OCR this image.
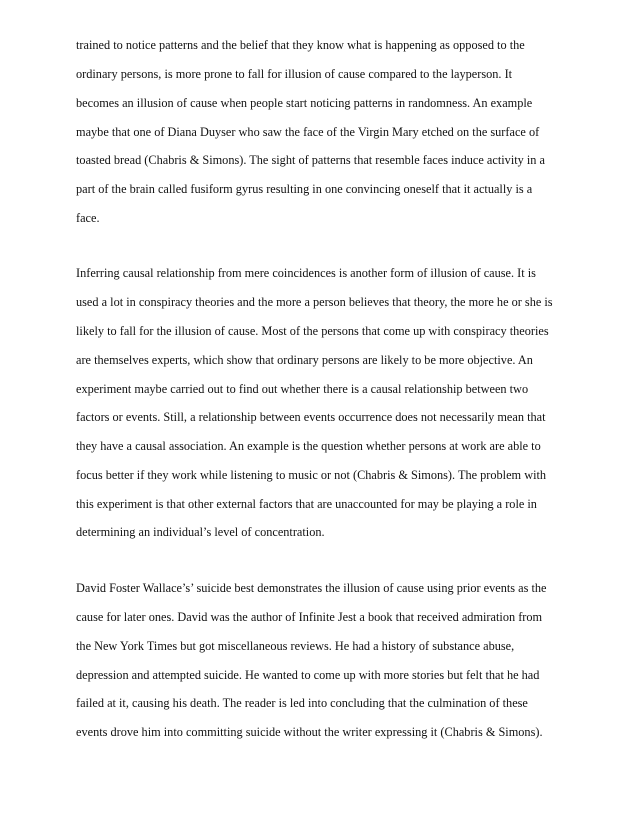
trained to notice patterns and the belief that they know what is happening as opposed to the

ordinary persons, is more prone to fall for illusion of cause compared to the layperson. It

becomes an illusion of cause when people start noticing patterns in randomness. An example

maybe that one of Diana Duyser who saw the face of the Virgin Mary etched on the surface of

toasted bread (Chabris & Simons). The sight of patterns that resemble faces induce activity in a

part of the brain called fusiform gyrus resulting in one convincing oneself that it actually is a

face.

Inferring causal relationship from mere coincidences is another form of illusion of cause. It is

used a lot in conspiracy theories and the more a person believes that theory, the more he or she is

likely to fall for the illusion of cause. Most of the persons that come up with conspiracy theories

are themselves experts, which show that ordinary persons are likely to be more objective. An

experiment maybe carried out to find out whether there is a causal relationship between two

factors or events. Still, a relationship between events occurrence does not necessarily mean that

they have a causal association. An example is the question whether persons at work are able to

focus better if they work while listening to music or not (Chabris & Simons). The problem with

this experiment is that other external factors that are unaccounted for may be playing a role in

determining an individual’s level of concentration.

David Foster Wallace’s’ suicide best demonstrates the illusion of cause using prior events as the

cause for later ones. David was the author of Infinite Jest a book that received admiration from

the New York Times but got miscellaneous reviews. He had a history of substance abuse,

depression and attempted suicide. He wanted to come up with more stories but felt that he had

failed at it, causing his death. The reader is led into concluding that the culmination of these

events drove him into committing suicide without the writer expressing it (Chabris & Simons).
